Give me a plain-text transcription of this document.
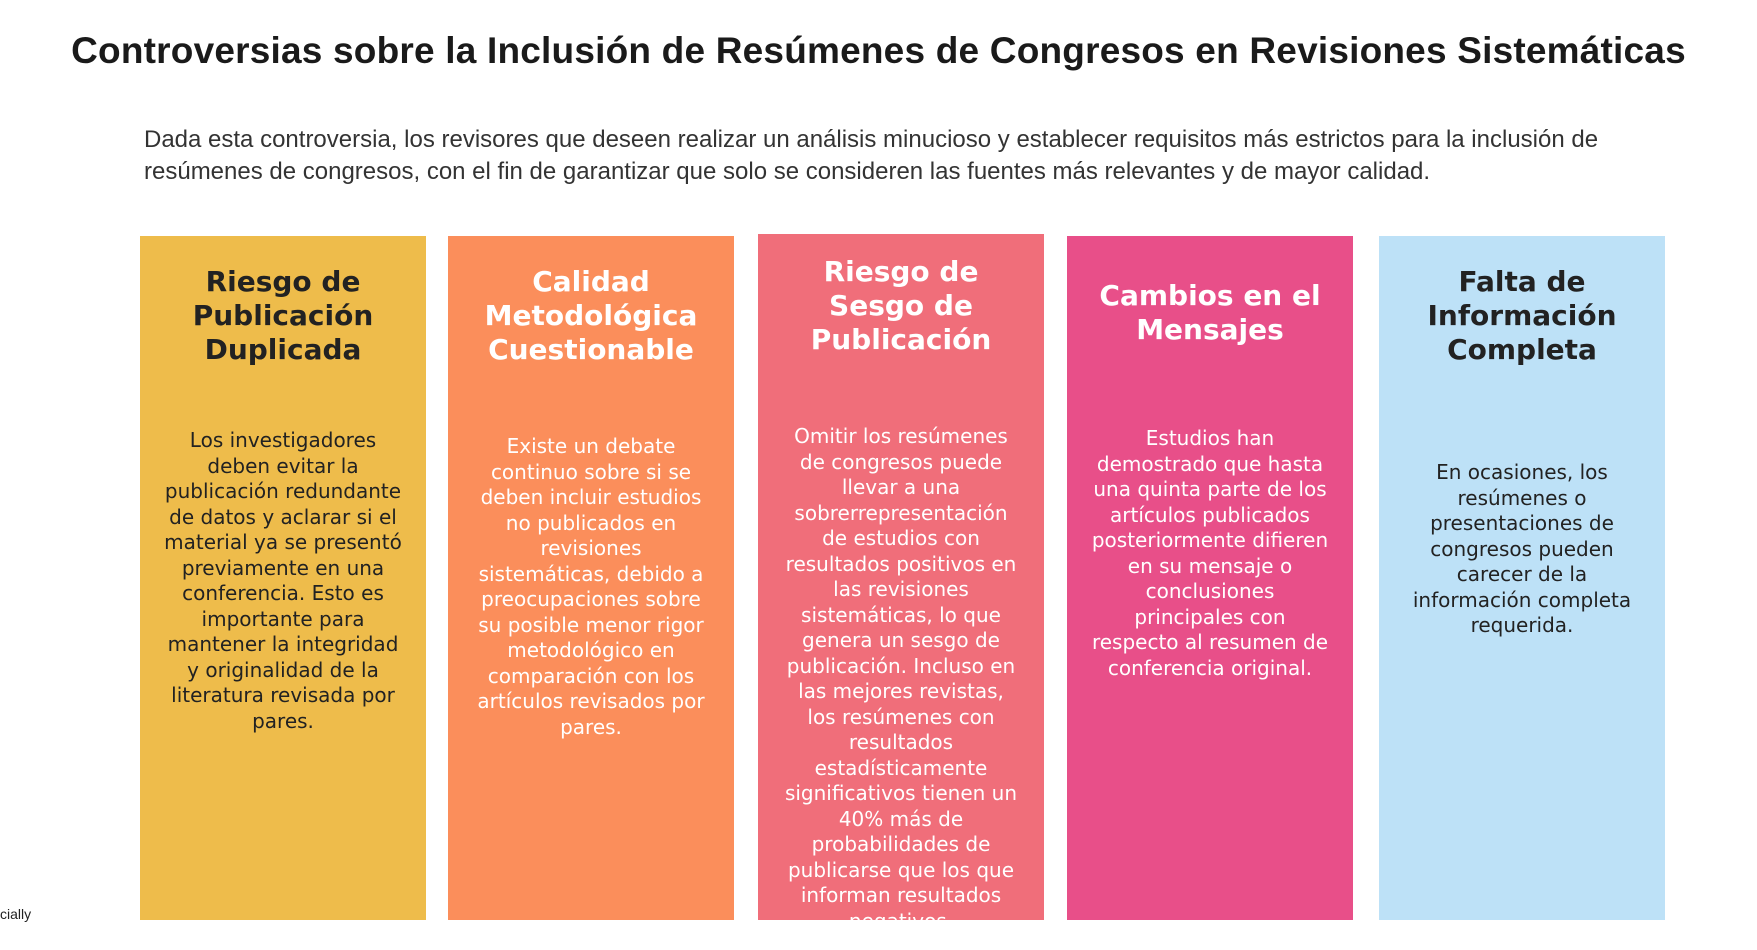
Controversias sobre la Inclusión de Resúmenes de Congresos en Revisiones Sistemáticas
Dada esta controversia, los revisores que deseen realizar un análisis minucioso y establecer requisitos más estrictos para la inclusión de resúmenes de congresos, con el fin de garantizar que solo se consideren las fuentes más relevantes y de mayor calidad.
Riesgo de Publicación Duplicada
Los investigadores deben evitar la publicación redundante de datos y aclarar si el material ya se presentó previamente en una conferencia. Esto es importante para mantener la integridad y originalidad de la literatura revisada por pares.
Calidad Metodológica Cuestionable
Existe un debate continuo sobre si se deben incluir estudios no publicados en revisiones sistemáticas, debido a preocupaciones sobre su posible menor rigor metodológico en comparación con los artículos revisados por pares.
Riesgo de Sesgo de Publicación
Omitir los resúmenes de congresos puede llevar a una sobrerrepresentación de estudios con resultados positivos en las revisiones sistemáticas, lo que genera un sesgo de publicación. Incluso en las mejores revistas, los resúmenes con resultados estadísticamente significativos tienen un 40% más de probabilidades de publicarse que los que informan resultados negativos.
Cambios en el Mensajes
Estudios han demostrado que hasta una quinta parte de los artículos publicados posteriormente difieren en su mensaje o conclusiones principales con respecto al resumen de conferencia original.
Falta de Información Completa
En ocasiones, los resúmenes o presentaciones de congresos pueden carecer de la información completa requerida.
cially
